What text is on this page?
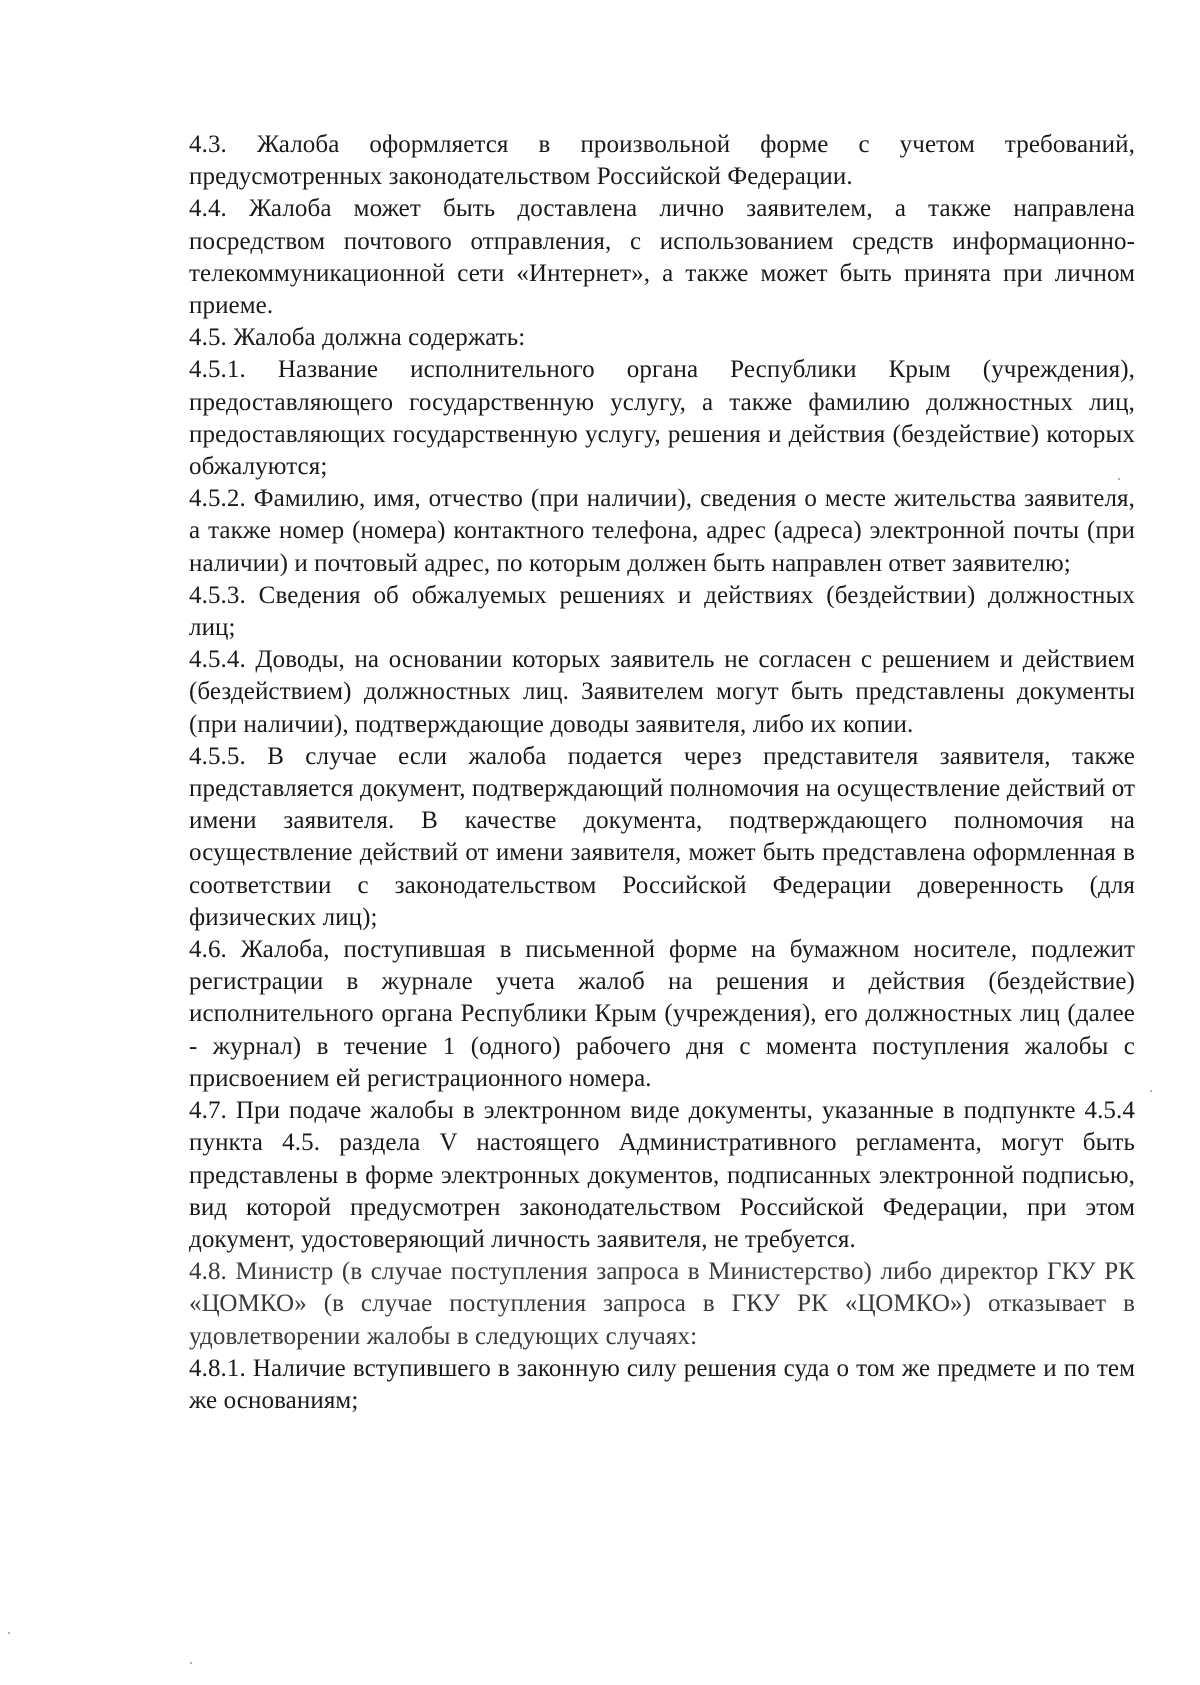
4.3. Жалоба оформляется в произвольной форме с учетом требований, предусмотренных законодательством Российской Федерации.

4.4. Жалоба может быть доставлена лично заявителем, а также направлена посредством почтового отправления, с использованием средств информационно-телекоммуникационной сети «Интернет», а также может быть принята при личном приеме.

4.5. Жалоба должна содержать:

4.5.1. Название исполнительного органа Республики Крым (учреждения), предоставляющего государственную услугу, а также фамилию должностных лиц, предоставляющих государственную услугу, решения и действия (бездействие) которых обжалуются;

4.5.2. Фамилию, имя, отчество (при наличии), сведения о месте жительства заявителя, а также номер (номера) контактного телефона, адрес (адреса) электронной почты (при наличии) и почтовый адрес, по которым должен быть направлен ответ заявителю;

4.5.3. Сведения об обжалуемых решениях и действиях (бездействии) должностных лиц;

4.5.4. Доводы, на основании которых заявитель не согласен с решением и действием (бездействием) должностных лиц. Заявителем могут быть представлены документы (при наличии), подтверждающие доводы заявителя, либо их копии.

4.5.5. В случае если жалоба подается через представителя заявителя, также представляется документ, подтверждающий полномочия на осуществление действий от имени заявителя. В качестве документа, подтверждающего полномочия на осуществление действий от имени заявителя, может быть представлена оформленная в соответствии с законодательством Российской Федерации доверенность (для физических лиц);

4.6. Жалоба, поступившая в письменной форме на бумажном носителе, подлежит регистрации в журнале учета жалоб на решения и действия (бездействие) исполнительного органа Республики Крым (учреждения), его должностных лиц (далее - журнал) в течение 1 (одного) рабочего дня с момента поступления жалобы с присвоением ей регистрационного номера.

4.7. При подаче жалобы в электронном виде документы, указанные в подпункте 4.5.4 пункта 4.5. раздела V настоящего Административного регламента, могут быть представлены в форме электронных документов, подписанных электронной подписью, вид которой предусмотрен законодательством Российской Федерации, при этом документ, удостоверяющий личность заявителя, не требуется.

4.8. Министр (в случае поступления запроса в Министерство) либо директор ГКУ РК «ЦОМКО» (в случае поступления запроса в ГКУ РК «ЦОМКО») отказывает в удовлетворении жалобы в следующих случаях:

4.8.1. Наличие вступившего в законную силу решения суда о том же предмете и по тем же основаниям;
